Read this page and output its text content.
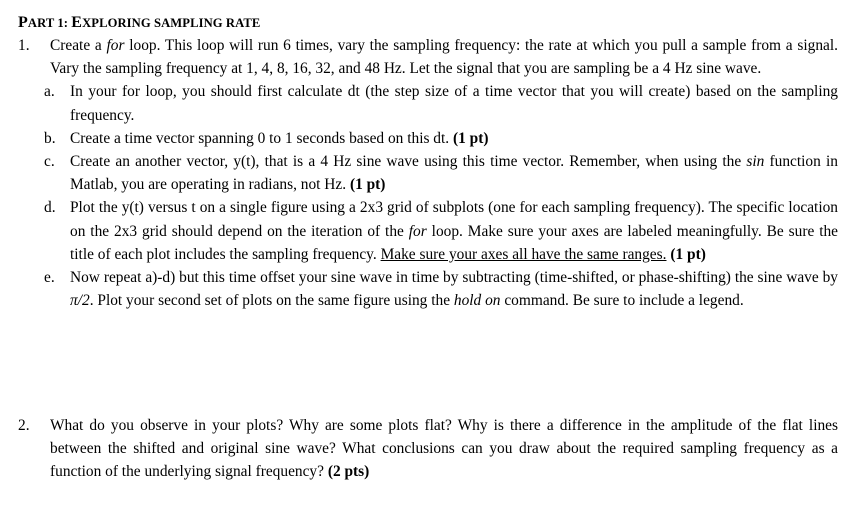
PART 1: EXPLORING SAMPLING RATE
1. Create a for loop. This loop will run 6 times, vary the sampling frequency: the rate at which you pull a sample from a signal. Vary the sampling frequency at 1, 4, 8, 16, 32, and 48 Hz. Let the signal that you are sampling be a 4 Hz sine wave.
a. In your for loop, you should first calculate dt (the step size of a time vector that you will create) based on the sampling frequency.
b. Create a time vector spanning 0 to 1 seconds based on this dt. (1 pt)
c. Create an another vector, y(t), that is a 4 Hz sine wave using this time vector. Remember, when using the sin function in Matlab, you are operating in radians, not Hz. (1 pt)
d. Plot the y(t) versus t on a single figure using a 2x3 grid of subplots (one for each sampling frequency). The specific location on the 2x3 grid should depend on the iteration of the for loop. Make sure your axes are labeled meaningfully. Be sure the title of each plot includes the sampling frequency. Make sure your axes all have the same ranges. (1 pt)
e. Now repeat a)-d) but this time offset your sine wave in time by subtracting (time-shifted, or phase-shifting) the sine wave by π/2. Plot your second set of plots on the same figure using the hold on command. Be sure to include a legend.
2. What do you observe in your plots? Why are some plots flat? Why is there a difference in the amplitude of the flat lines between the shifted and original sine wave? What conclusions can you draw about the required sampling frequency as a function of the underlying signal frequency? (2 pts)
